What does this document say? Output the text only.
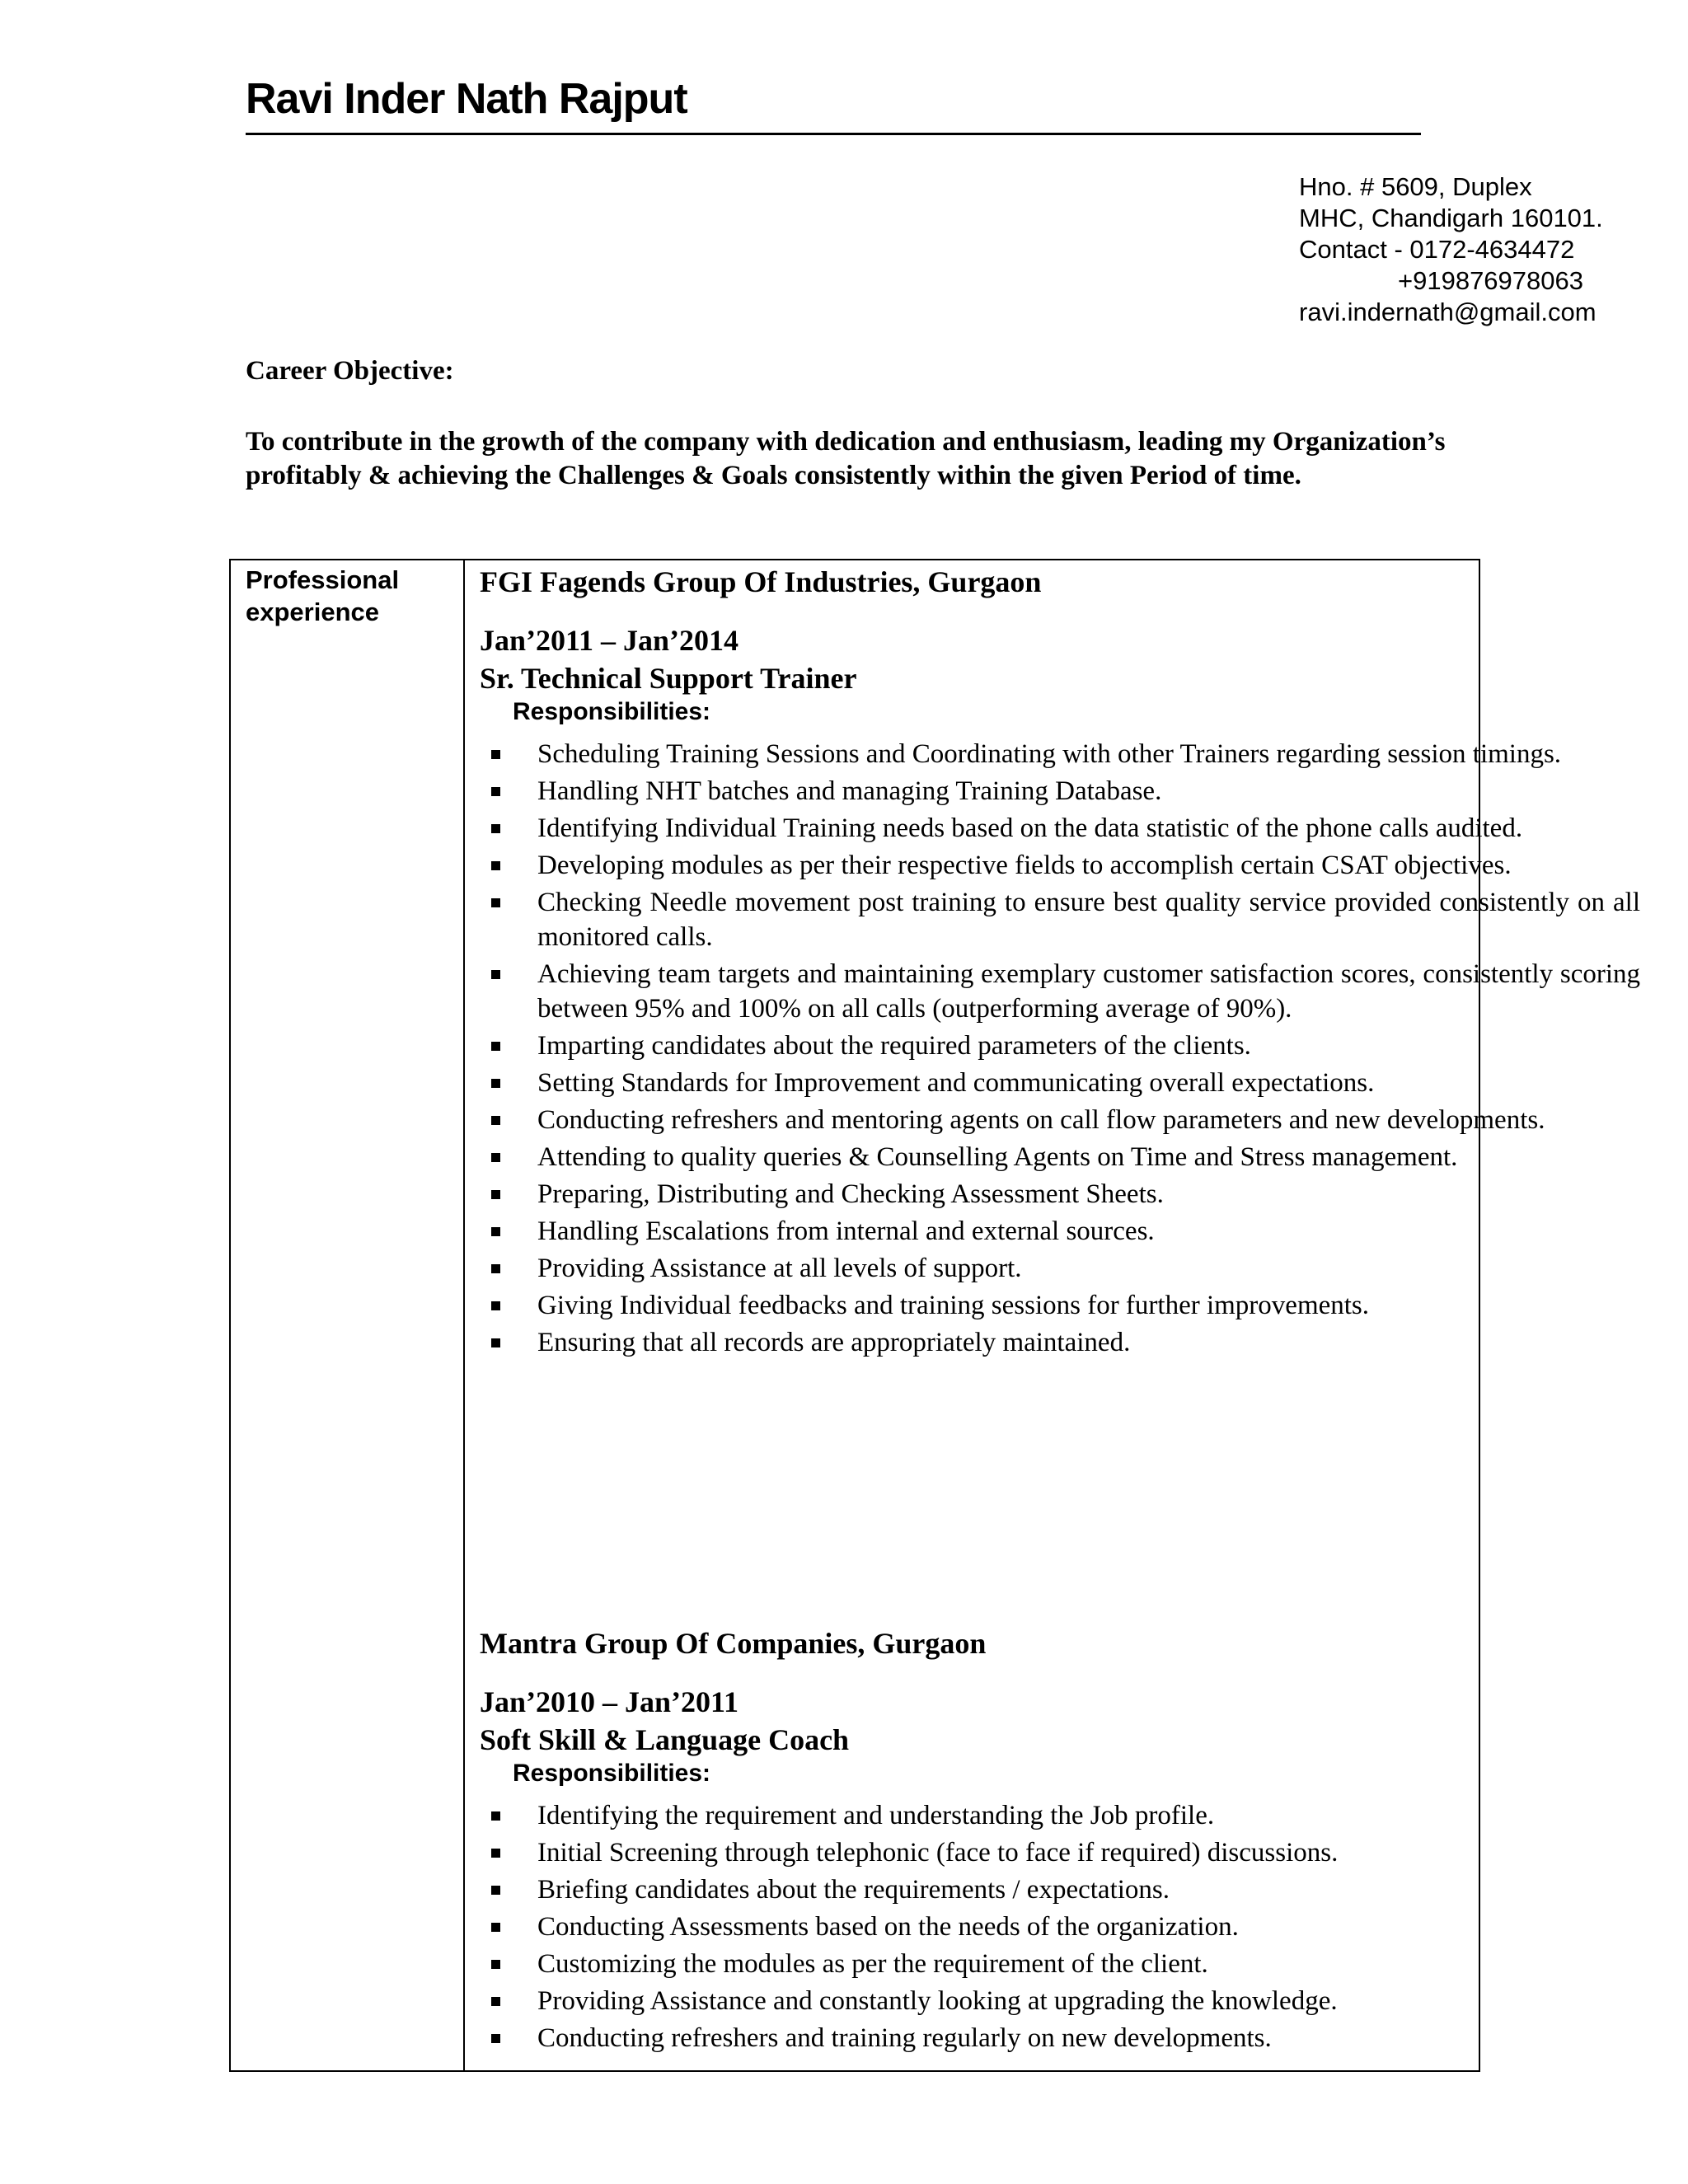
Ravi Inder Nath Rajput
Hno. # 5609, Duplex
MHC, Chandigarh 160101.
Contact - 0172-4634472
+919876978063
ravi.indernath@gmail.com
Career Objective:
To contribute in the growth of the company with dedication and enthusiasm, leading my Organization’s profitably & achieving the Challenges & Goals consistently within the given Period of time.
Professional experience
FGI Fagends Group Of Industries, Gurgaon
Jan’2011 – Jan’2014
Sr. Technical Support Trainer
Responsibilities:
Scheduling Training Sessions and Coordinating with other Trainers regarding session timings.
Handling NHT batches and managing Training Database.
Identifying Individual Training needs based on the data statistic of the phone calls audited.
Developing modules as per their respective fields to accomplish certain CSAT objectives.
Checking Needle movement post training to ensure best quality service provided consistently on all monitored calls.
Achieving team targets and maintaining exemplary customer satisfaction scores, consistently scoring between 95% and 100% on all calls (outperforming average of 90%).
Imparting candidates about the required parameters of the clients.
Setting Standards for Improvement and communicating overall expectations.
Conducting refreshers and mentoring agents on call flow parameters and new developments.
Attending to quality queries & Counselling Agents on Time and Stress management.
Preparing, Distributing and Checking Assessment Sheets.
Handling Escalations from internal and external sources.
Providing Assistance at all levels of support.
Giving Individual feedbacks and training sessions for further improvements.
Ensuring that all records are appropriately maintained.
Mantra Group Of Companies, Gurgaon
Jan’2010 – Jan’2011
Soft Skill & Language Coach
Responsibilities:
Identifying the requirement and understanding the Job profile.
Initial Screening through telephonic (face to face if required) discussions.
Briefing candidates about the requirements / expectations.
Conducting Assessments based on the needs of the organization.
Customizing the modules as per the requirement of the client.
Providing Assistance and constantly looking at upgrading the knowledge.
Conducting refreshers and training regularly on new developments.
